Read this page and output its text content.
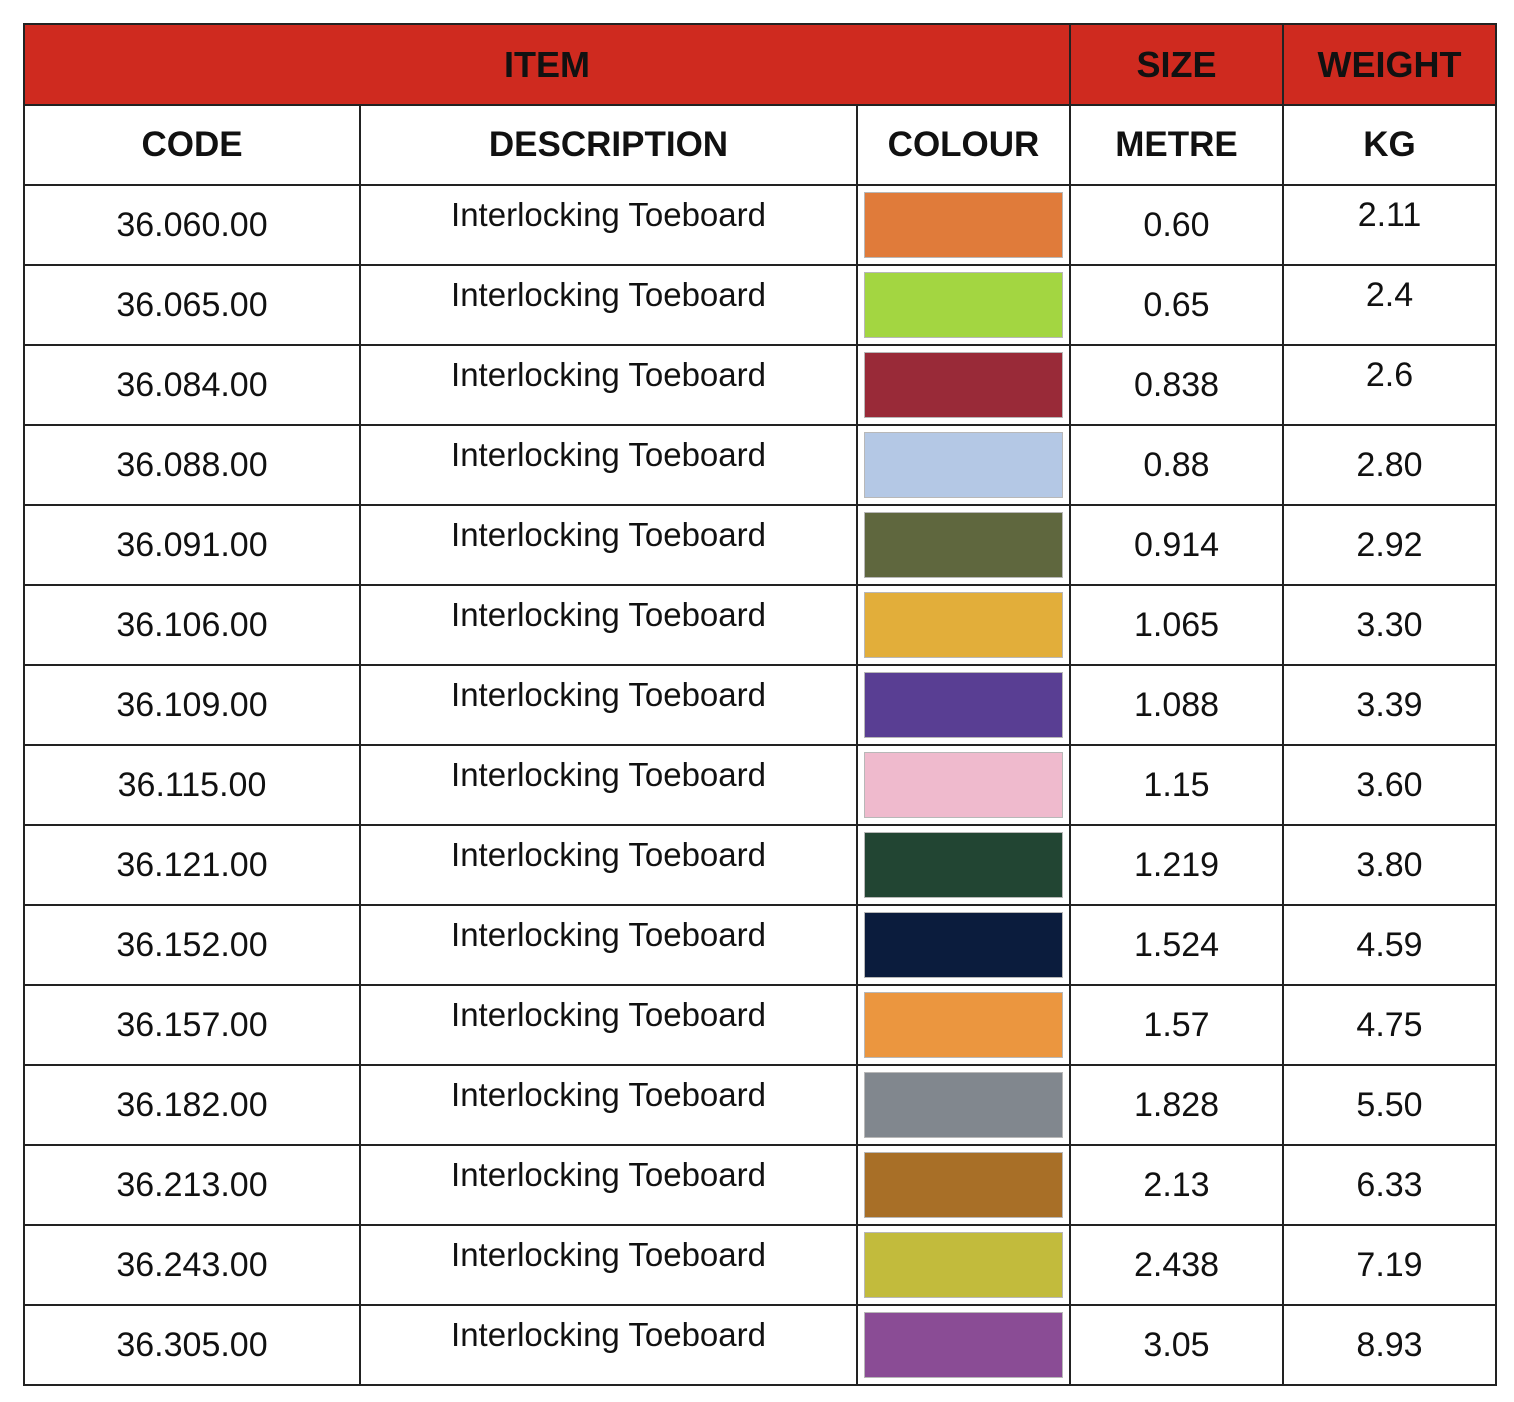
ITEM			SIZE	WEIGHT
CODE	DESCRIPTION	COLOUR	METRE	KG
36.060.00	Interlocking Toeboard		0.60	2.11

36.065.00	Interlocking Toeboard		0.65	2.4

36.084.00	Interlocking Toeboard		0.838	2.6

36.088.00	Interlocking Toeboard		0.88	2.80
36.091.00	Interlocking Toeboard		0.914	2.92
36.106.00	Interlocking Toeboard		1.065	3.30
36.109.00	Interlocking Toeboard		1.088	3.39
36.115.00	Interlocking Toeboard		1.15	3.60
36.121.00	Interlocking Toeboard		1.219	3.80
36.152.00	Interlocking Toeboard		1.524	4.59
36.157.00	Interlocking Toeboard		1.57	4.75
36.182.00	Interlocking Toeboard		1.828	5.50
36.213.00	Interlocking Toeboard		2.13	6.33
36.243.00	Interlocking Toeboard		2.438	7.19
36.305.00	Interlocking Toeboard		3.05	8.93
